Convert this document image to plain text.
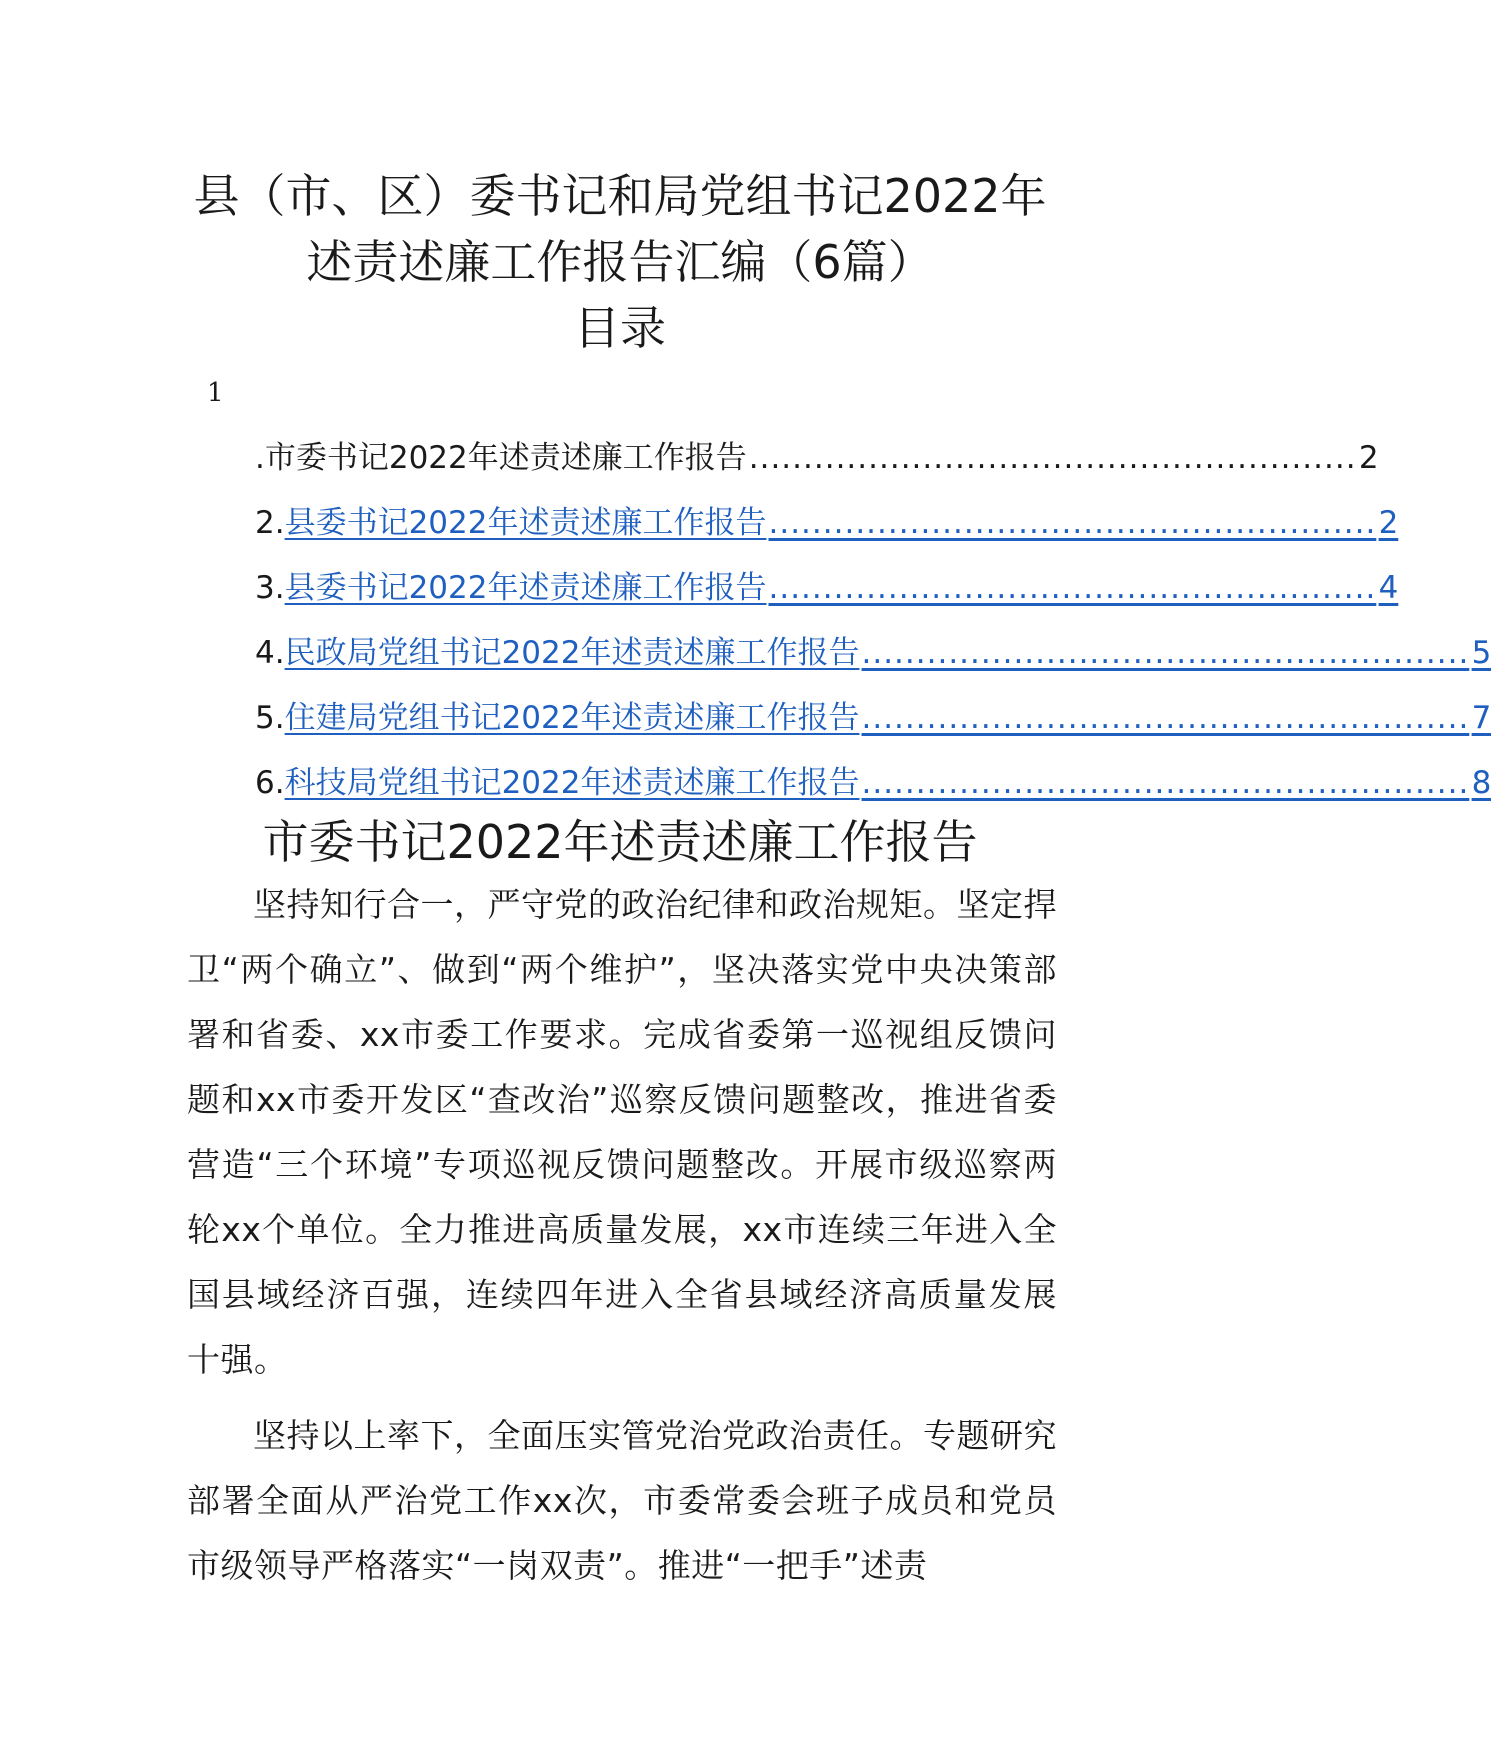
县（市、区）委书记和局党组书记2022年
述责述廉工作报告汇编（6篇）
目录
1
.市委书记2022年述责述廉工作报告 ........................................................ 2
2. 县委书记2022年述责述廉工作报告 ........................................................ 2
3. 县委书记2022年述责述廉工作报告 ........................................................ 4
4. 民政局党组书记2022年述责述廉工作报告 ........................................................ 5
5. 住建局党组书记2022年述责述廉工作报告 ........................................................ 7
6. 科技局党组书记2022年述责述廉工作报告 ........................................................ 8
市委书记2022年述责述廉工作报告

坚持知行合一，严守党的政治纪律和政治规矩。坚定捍卫“两个确立”、做到“两个维护”，坚决落实党中央决策部署和省委、xx市委工作要求。完成省委第一巡视组反馈问题和xx市委开发区“查改治”巡察反馈问题整改，推进省委营造“三个环境”专项巡视反馈问题整改。开展市级巡察两轮xx个单位。全力推进高质量发展，xx市连续三年进入全国县域经济百强，连续四年进入全省县域经济高质量发展十强。

坚持以上率下，全面压实管党治党政治责任。专题研究部署全面从严治党工作xx次，市委常委会班子成员和党员市级领导严格落实“一岗双责”。推进“一把手”述责
